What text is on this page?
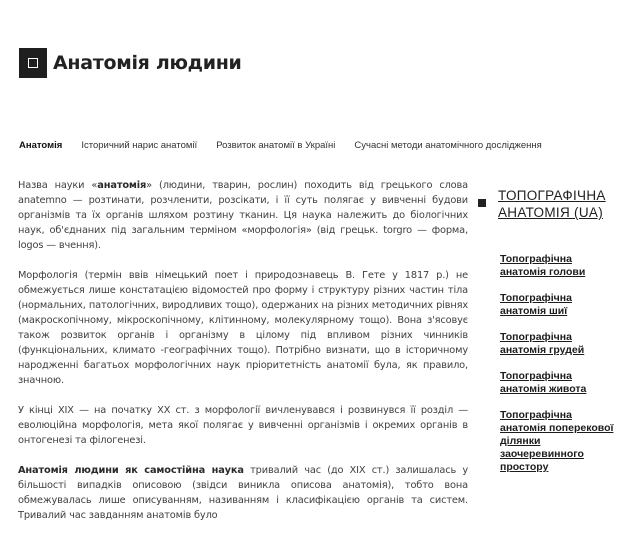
Анатомія людини
Анатомія Історичний нарис анатомії Розвиток анатомії в Україні Сучасні методи анатомічного дослідження

Назва науки «анатомія» (людини, тварин, рослин) походить від грецького слова anatemno — розтинати, розчленити, розсікати, і її суть полягає у вивченні будови організмів та їх органів шляхом розтину тканин. Ця наука належить до біологічних наук, об'єднаних під загальним терміном «морфологія» (від грецьк. torgro — форма, logos — вчення).

Морфологія (термін ввів німецький поет і природознавець В. Гете у 1817 р.) не обмежується лише констатацією відомостей про форму і структуру різних частин тіла (нормальних, патологічних, виродливих тощо), одержаних на різних методичних рівнях (макроскопічному, мікроскопічному, клітинному, молекулярному тощо). Вона з'ясовує також розвиток органів і організму в цілому під впливом різних чинників (функціональних, климато -географічних тощо). Потрібно визнати, що в історичному народженні багатьох морфологічних наук пріоритетність анатомії була, як правило, значною.

У кінці XIX — на початку XX ст. з морфології вичленувався і розвинувся її розділ — еволюційна морфологія, мета якої полягає у вивченні організмів і окремих органів в онтогенезі та філогенезі.

Анатомія людини як самостійна наука тривалий час (до XIX ст.) залишалась у більшості випадків описовою (звідси виникла описова анатомія), тобто вона обмежувалась лише описуванням, називанням і класифікацією органів та систем. Тривалий час завданням анатомів було

ТОПОГРАФІЧНА АНАТОМІЯ (UA)
Топографічна анатомія голови
Топографічна анатомія шиї
Топографічна анатомія грудей
Топографічна анатомія живота
Топографічна анатомія поперекової ділянки заочеревинного простору
